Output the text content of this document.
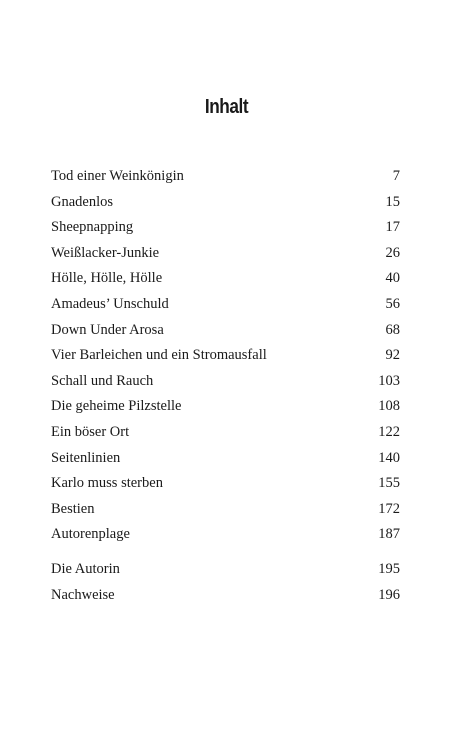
Inhalt
Tod einer Weinkönigin	7
Gnadenlos	15
Sheepnapping	17
Weißlacker-Junkie	26
Hölle, Hölle, Hölle	40
Amadeus’ Unschuld	56
Down Under Arosa	68
Vier Barleichen und ein Stromausfall	92
Schall und Rauch	103
Die geheime Pilzstelle	108
Ein böser Ort	122
Seitenlinien	140
Karlo muss sterben	155
Bestien	172
Autorenplage	187
Die Autorin	195
Nachweise	196
